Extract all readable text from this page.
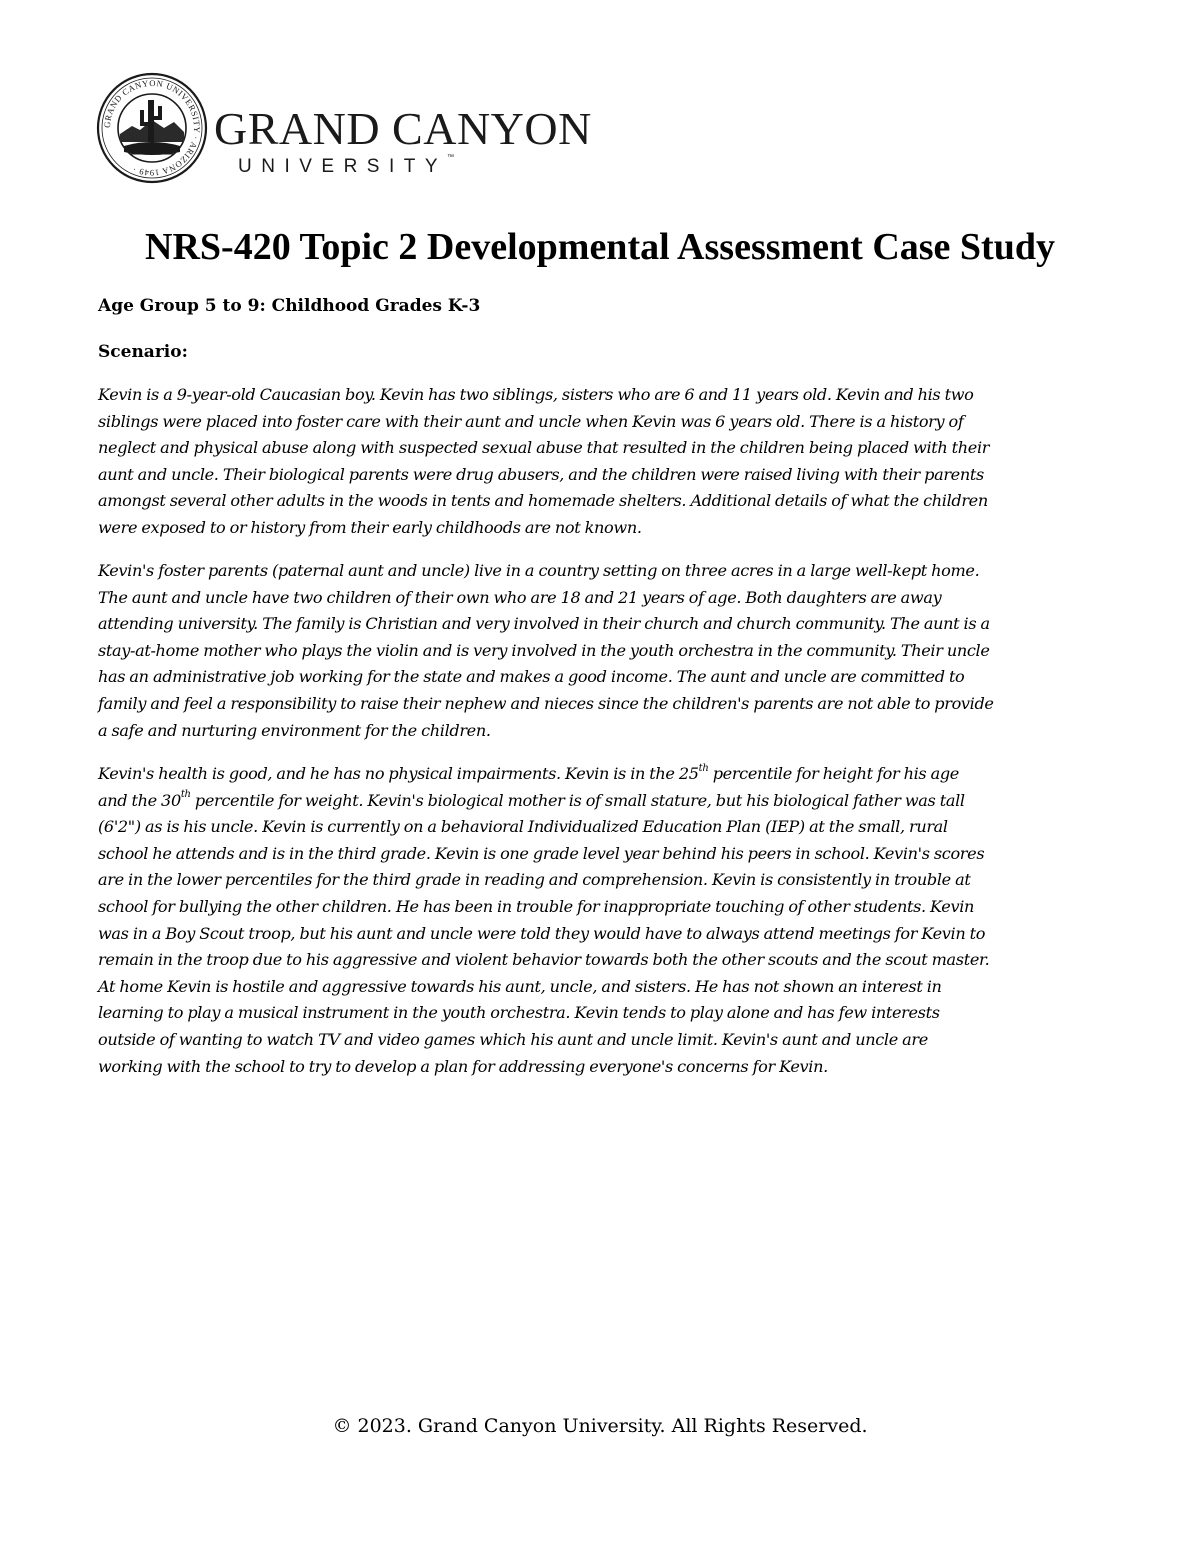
GRAND CANYON UNIVERSITY · ARIZONA 1949 ·
GRAND CANYON
UNIVERSITY™
NRS-420 Topic 2 Developmental Assessment Case Study
Age Group 5 to 9: Childhood Grades K-3
Scenario:
Kevin is a 9-year-old Caucasian boy. Kevin has two siblings, sisters who are 6 and 11 years old. Kevin and his two
siblings were placed into foster care with their aunt and uncle when Kevin was 6 years old. There is a history of
neglect and physical abuse along with suspected sexual abuse that resulted in the children being placed with their
aunt and uncle. Their biological parents were drug abusers, and the children were raised living with their parents
amongst several other adults in the woods in tents and homemade shelters. Additional details of what the children
were exposed to or history from their early childhoods are not known.
Kevin's foster parents (paternal aunt and uncle) live in a country setting on three acres in a large well-kept home.
The aunt and uncle have two children of their own who are 18 and 21 years of age. Both daughters are away
attending university. The family is Christian and very involved in their church and church community. The aunt is a
stay-at-home mother who plays the violin and is very involved in the youth orchestra in the community. Their uncle
has an administrative job working for the state and makes a good income. The aunt and uncle are committed to
family and feel a responsibility to raise their nephew and nieces since the children's parents are not able to provide
a safe and nurturing environment for the children.
Kevin's health is good, and he has no physical impairments. Kevin is in the 25th percentile for height for his age
and the 30th percentile for weight. Kevin's biological mother is of small stature, but his biological father was tall
(6'2") as is his uncle. Kevin is currently on a behavioral Individualized Education Plan (IEP) at the small, rural
school he attends and is in the third grade. Kevin is one grade level year behind his peers in school. Kevin's scores
are in the lower percentiles for the third grade in reading and comprehension. Kevin is consistently in trouble at
school for bullying the other children. He has been in trouble for inappropriate touching of other students. Kevin
was in a Boy Scout troop, but his aunt and uncle were told they would have to always attend meetings for Kevin to
remain in the troop due to his aggressive and violent behavior towards both the other scouts and the scout master.
At home Kevin is hostile and aggressive towards his aunt, uncle, and sisters. He has not shown an interest in
learning to play a musical instrument in the youth orchestra. Kevin tends to play alone and has few interests
outside of wanting to watch TV and video games which his aunt and uncle limit. Kevin's aunt and uncle are
working with the school to try to develop a plan for addressing everyone's concerns for Kevin.
© 2023. Grand Canyon University. All Rights Reserved.
